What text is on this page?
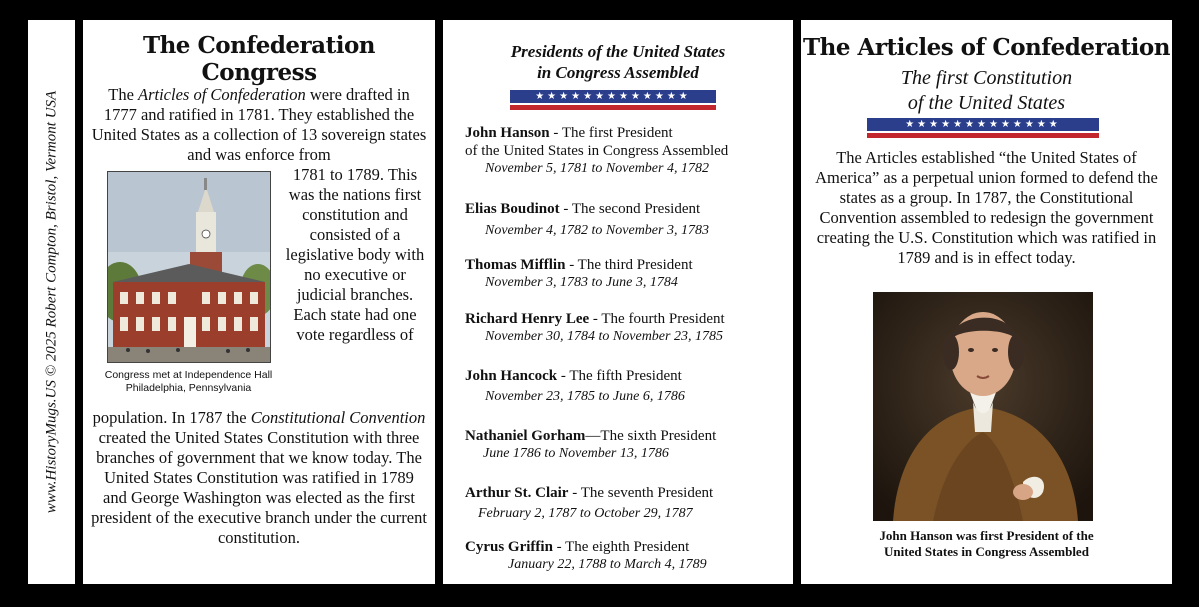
www.HistoryMugs.US © 2025 Robert Compton, Bristol, Vermont USA
The Confederation Congress
The Articles of Confederation were drafted in 1777 and ratified in 1781. They established the United States as a collection of 13 sovereign states and was enforce from
Congress met at Independence Hall
Philadelphia, Pennsylvania
1781 to 1789. This was the nations first constitution and consisted of a legislative body with no executive or judicial branches. Each state had one vote regardless of
population. In 1787 the Constitutional Convention created the United States Constitution with three branches of government that we know today. The United States Constitution was ratified in 1789 and George Washington was elected as the first president of the executive branch under the current constitution.
Presidents of the United States
in Congress Assembled
★★★★★★★★★★★★★
John Hanson - The first President
of the United States in Congress Assembled
November 5, 1781 to November 4, 1782
Elias Boudinot - The second President
November 4, 1782 to November 3, 1783
Thomas Mifflin - The third President
November 3, 1783 to June 3, 1784
Richard Henry Lee - The fourth President
November 30, 1784 to November 23, 1785
John Hancock - The fifth President
November 23, 1785 to June 6, 1786
Nathaniel Gorham—The sixth President
June 1786 to November 13, 1786
Arthur St. Clair - The seventh President
February 2, 1787 to October 29, 1787
Cyrus Griffin - The eighth President
January 22, 1788 to March 4, 1789
The Articles of Confederation
The first Constitution
of the United States
★★★★★★★★★★★★★
The Articles established “the United States of America” as a perpetual union formed to defend the states as a group. In 1787, the Constitutional Convention assembled to redesign the government creating the U.S. Constitution which was ratified in 1789 and is in effect today.
John Hanson was first President of the
United States in Congress Assembled
